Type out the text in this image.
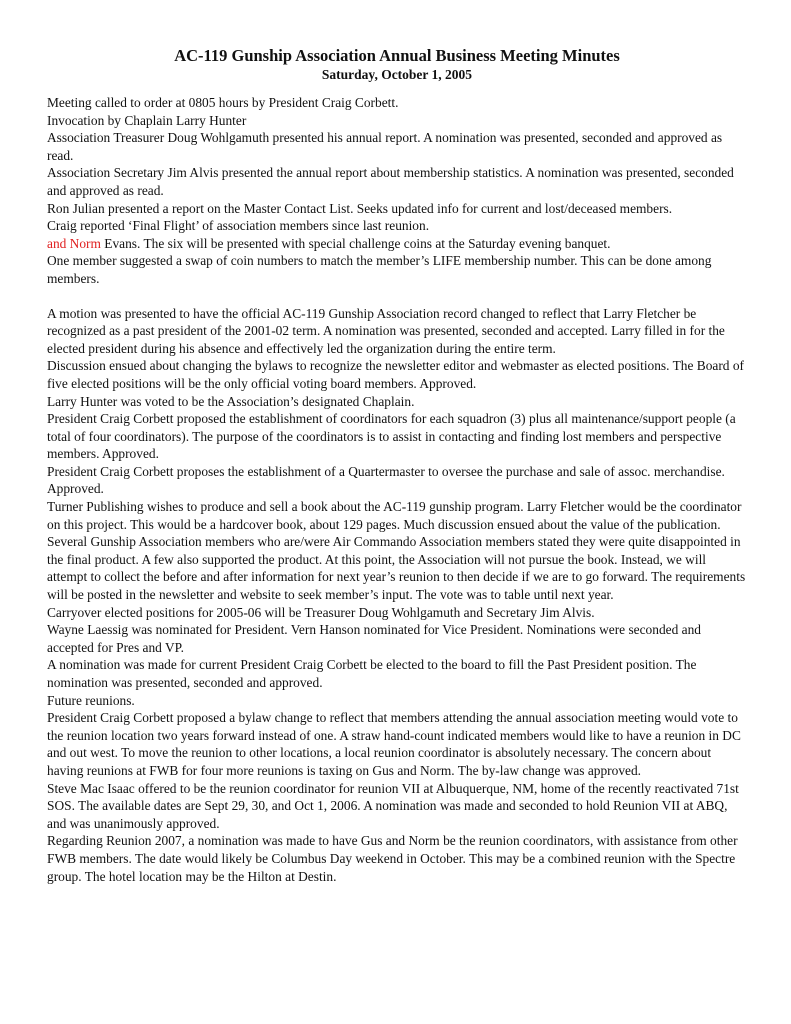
AC-119 Gunship Association Annual Business Meeting Minutes
Saturday, October 1, 2005

Meeting called to order at 0805 hours by President Craig Corbett.

Invocation by Chaplain Larry Hunter

Association Treasurer Doug Wohlgamuth presented his annual report. A nomination was presented, seconded and approved as read.

Association Secretary Jim Alvis presented the annual report about membership statistics. A nomination was presented, seconded and approved as read.

Ron Julian presented a report on the Master Contact List. Seeks updated info for current and lost/deceased members.

Craig reported ‘Final Flight’ of association members since last reunion.

and Norm Evans. The six will be presented with special challenge coins at the Saturday evening banquet.

One member suggested a swap of coin numbers to match the member’s LIFE membership number. This can be done among members.

A motion was presented to have the official AC-119 Gunship Association record changed to reflect that Larry Fletcher be recognized as a past president of the 2001-02 term. A nomination was presented, seconded and accepted. Larry filled in for the elected president during his absence and effectively led the organization during the entire term.

Discussion ensued about changing the bylaws to recognize the newsletter editor and webmaster as elected positions. The Board of five elected positions will be the only official voting board members. Approved.

Larry Hunter was voted to be the Association’s designated Chaplain.

President Craig Corbett proposed the establishment of coordinators for each squadron (3) plus all maintenance/support people (a total of four coordinators). The purpose of the coordinators is to assist in contacting and finding lost members and perspective members. Approved.

President Craig Corbett proposes the establishment of a Quartermaster to oversee the purchase and sale of assoc. merchandise. Approved.

Turner Publishing wishes to produce and sell a book about the AC-119 gunship program. Larry Fletcher would be the coordinator on this project. This would be a hardcover book, about 129 pages. Much discussion ensued about the value of the publication. Several Gunship Association members who are/were Air Commando Association members stated they were quite disappointed in the final product. A few also supported the product. At this point, the Association will not pursue the book. Instead, we will attempt to collect the before and after information for next year’s reunion to then decide if we are to go forward. The requirements will be posted in the newsletter and website to seek member’s input. The vote was to table until next year.

Carryover elected positions for 2005-06 will be Treasurer Doug Wohlgamuth and Secretary Jim Alvis.

Wayne Laessig was nominated for President. Vern Hanson nominated for Vice President. Nominations were seconded and accepted for Pres and VP.

A nomination was made for current President Craig Corbett be elected to the board to fill the Past President position. The nomination was presented, seconded and approved.

Future reunions.

President Craig Corbett proposed a bylaw change to reflect that members attending the annual association meeting would vote to the reunion location two years forward instead of one. A straw hand-count indicated members would like to have a reunion in DC and out west. To move the reunion to other locations, a local reunion coordinator is absolutely necessary. The concern about having reunions at FWB for four more reunions is taxing on Gus and Norm. The by-law change was approved.

Steve Mac Isaac offered to be the reunion coordinator for reunion VII at Albuquerque, NM, home of the recently reactivated 71st SOS. The available dates are Sept 29, 30, and Oct 1, 2006. A nomination was made and seconded to hold Reunion VII at ABQ, and was unanimously approved.

Regarding Reunion 2007, a nomination was made to have Gus and Norm be the reunion coordinators, with assistance from other FWB members. The date would likely be Columbus Day weekend in October. This may be a combined reunion with the Spectre group. The hotel location may be the Hilton at Destin.
